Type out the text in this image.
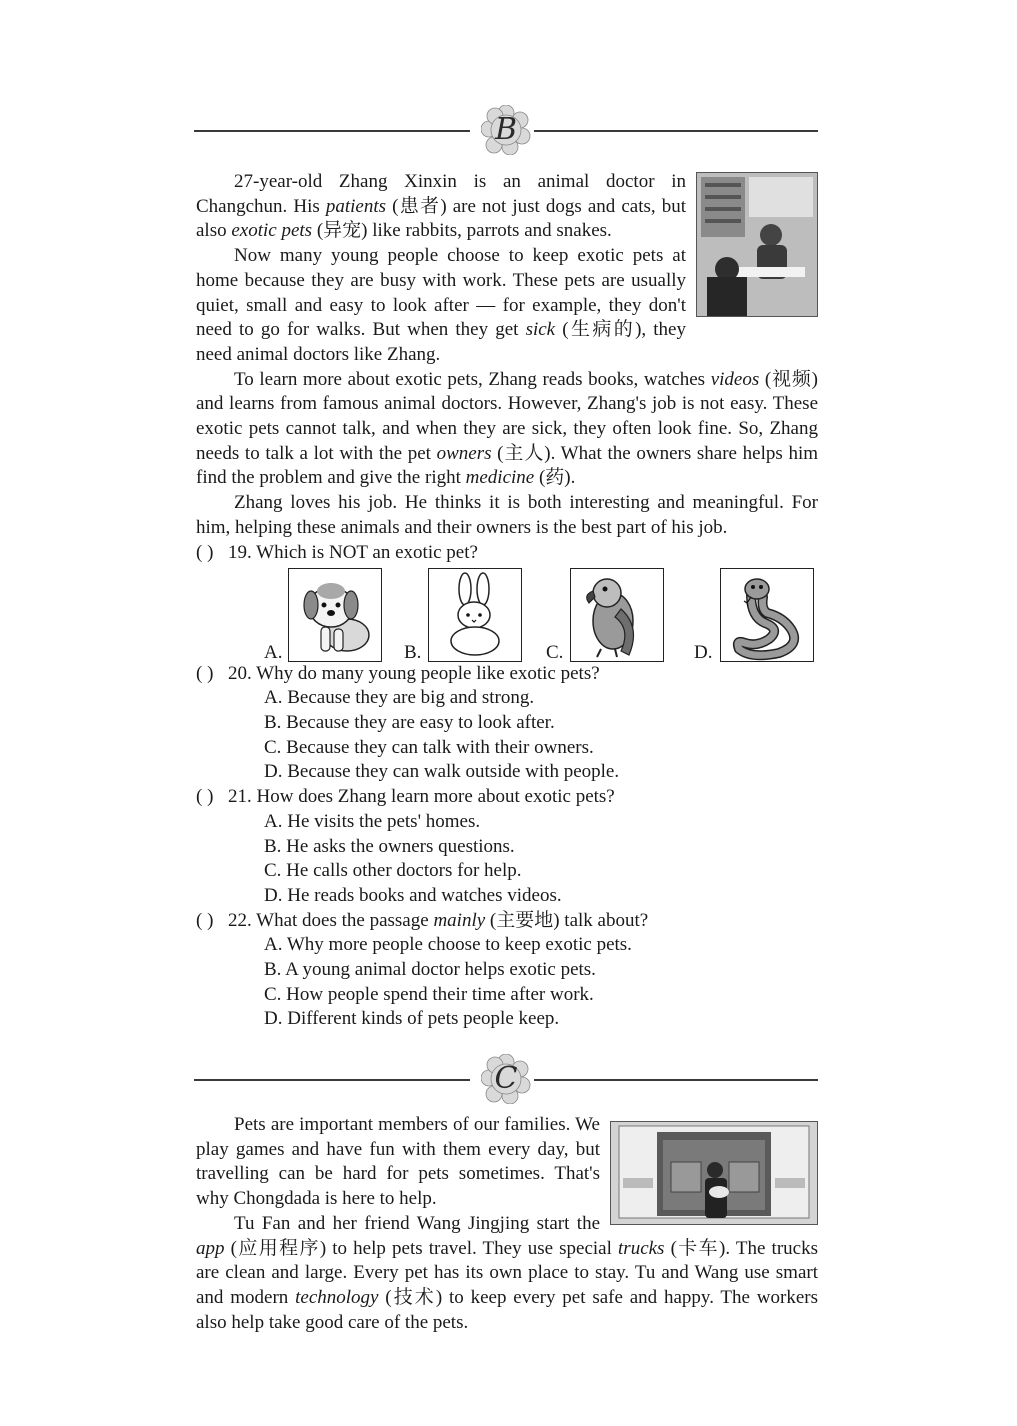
B

27-year-old Zhang Xinxin is an animal doctor in Changchun. His patients (患者) are not just dogs and cats, but also exotic pets (异宠) like rabbits, parrots and snakes.

Now many young people choose to keep exotic pets at home because they are busy with work. These pets are usually quiet, small and easy to look after — for example, they don't need to go for walks. But when they get sick (生病的), they need animal doctors like Zhang.

To learn more about exotic pets, Zhang reads books, watches videos (视频) and learns from famous animal doctors. However, Zhang's job is not easy. These exotic pets cannot talk, and when they are sick, they often look fine. So, Zhang needs to talk a lot with the pet owners (主人). What the owners share helps him find the problem and give the right medicine (药).

Zhang loves his job. He thinks it is both interesting and meaningful. For him, helping these animals and their owners is the best part of his job.

( ) 19. Which is NOT an exotic pet?
A.	B.	C.	D.
( ) 20. Why do many young people like exotic pets?
A. Because they are big and strong.
B. Because they are easy to look after.
C. Because they can talk with their owners.
D. Because they can walk outside with people.
( ) 21. How does Zhang learn more about exotic pets?
A. He visits the pets' homes.
B. He asks the owners questions.
C. He calls other doctors for help.
D. He reads books and watches videos.
( ) 22. What does the passage mainly (主要地) talk about?
A. Why more people choose to keep exotic pets.
B. A young animal doctor helps exotic pets.
C. How people spend their time after work.
D. Different kinds of pets people keep.
C

Pets are important members of our families. We play games and have fun with them every day, but travelling can be hard for pets sometimes. That's why Chongdada is here to help.

Tu Fan and her friend Wang Jingjing start the app (应用程序) to help pets travel. They use special trucks (卡车). The trucks are clean and large. Every pet has its own place to stay. Tu and Wang use smart and modern technology (技术) to keep every pet safe and happy. The workers also help take good care of the pets.
